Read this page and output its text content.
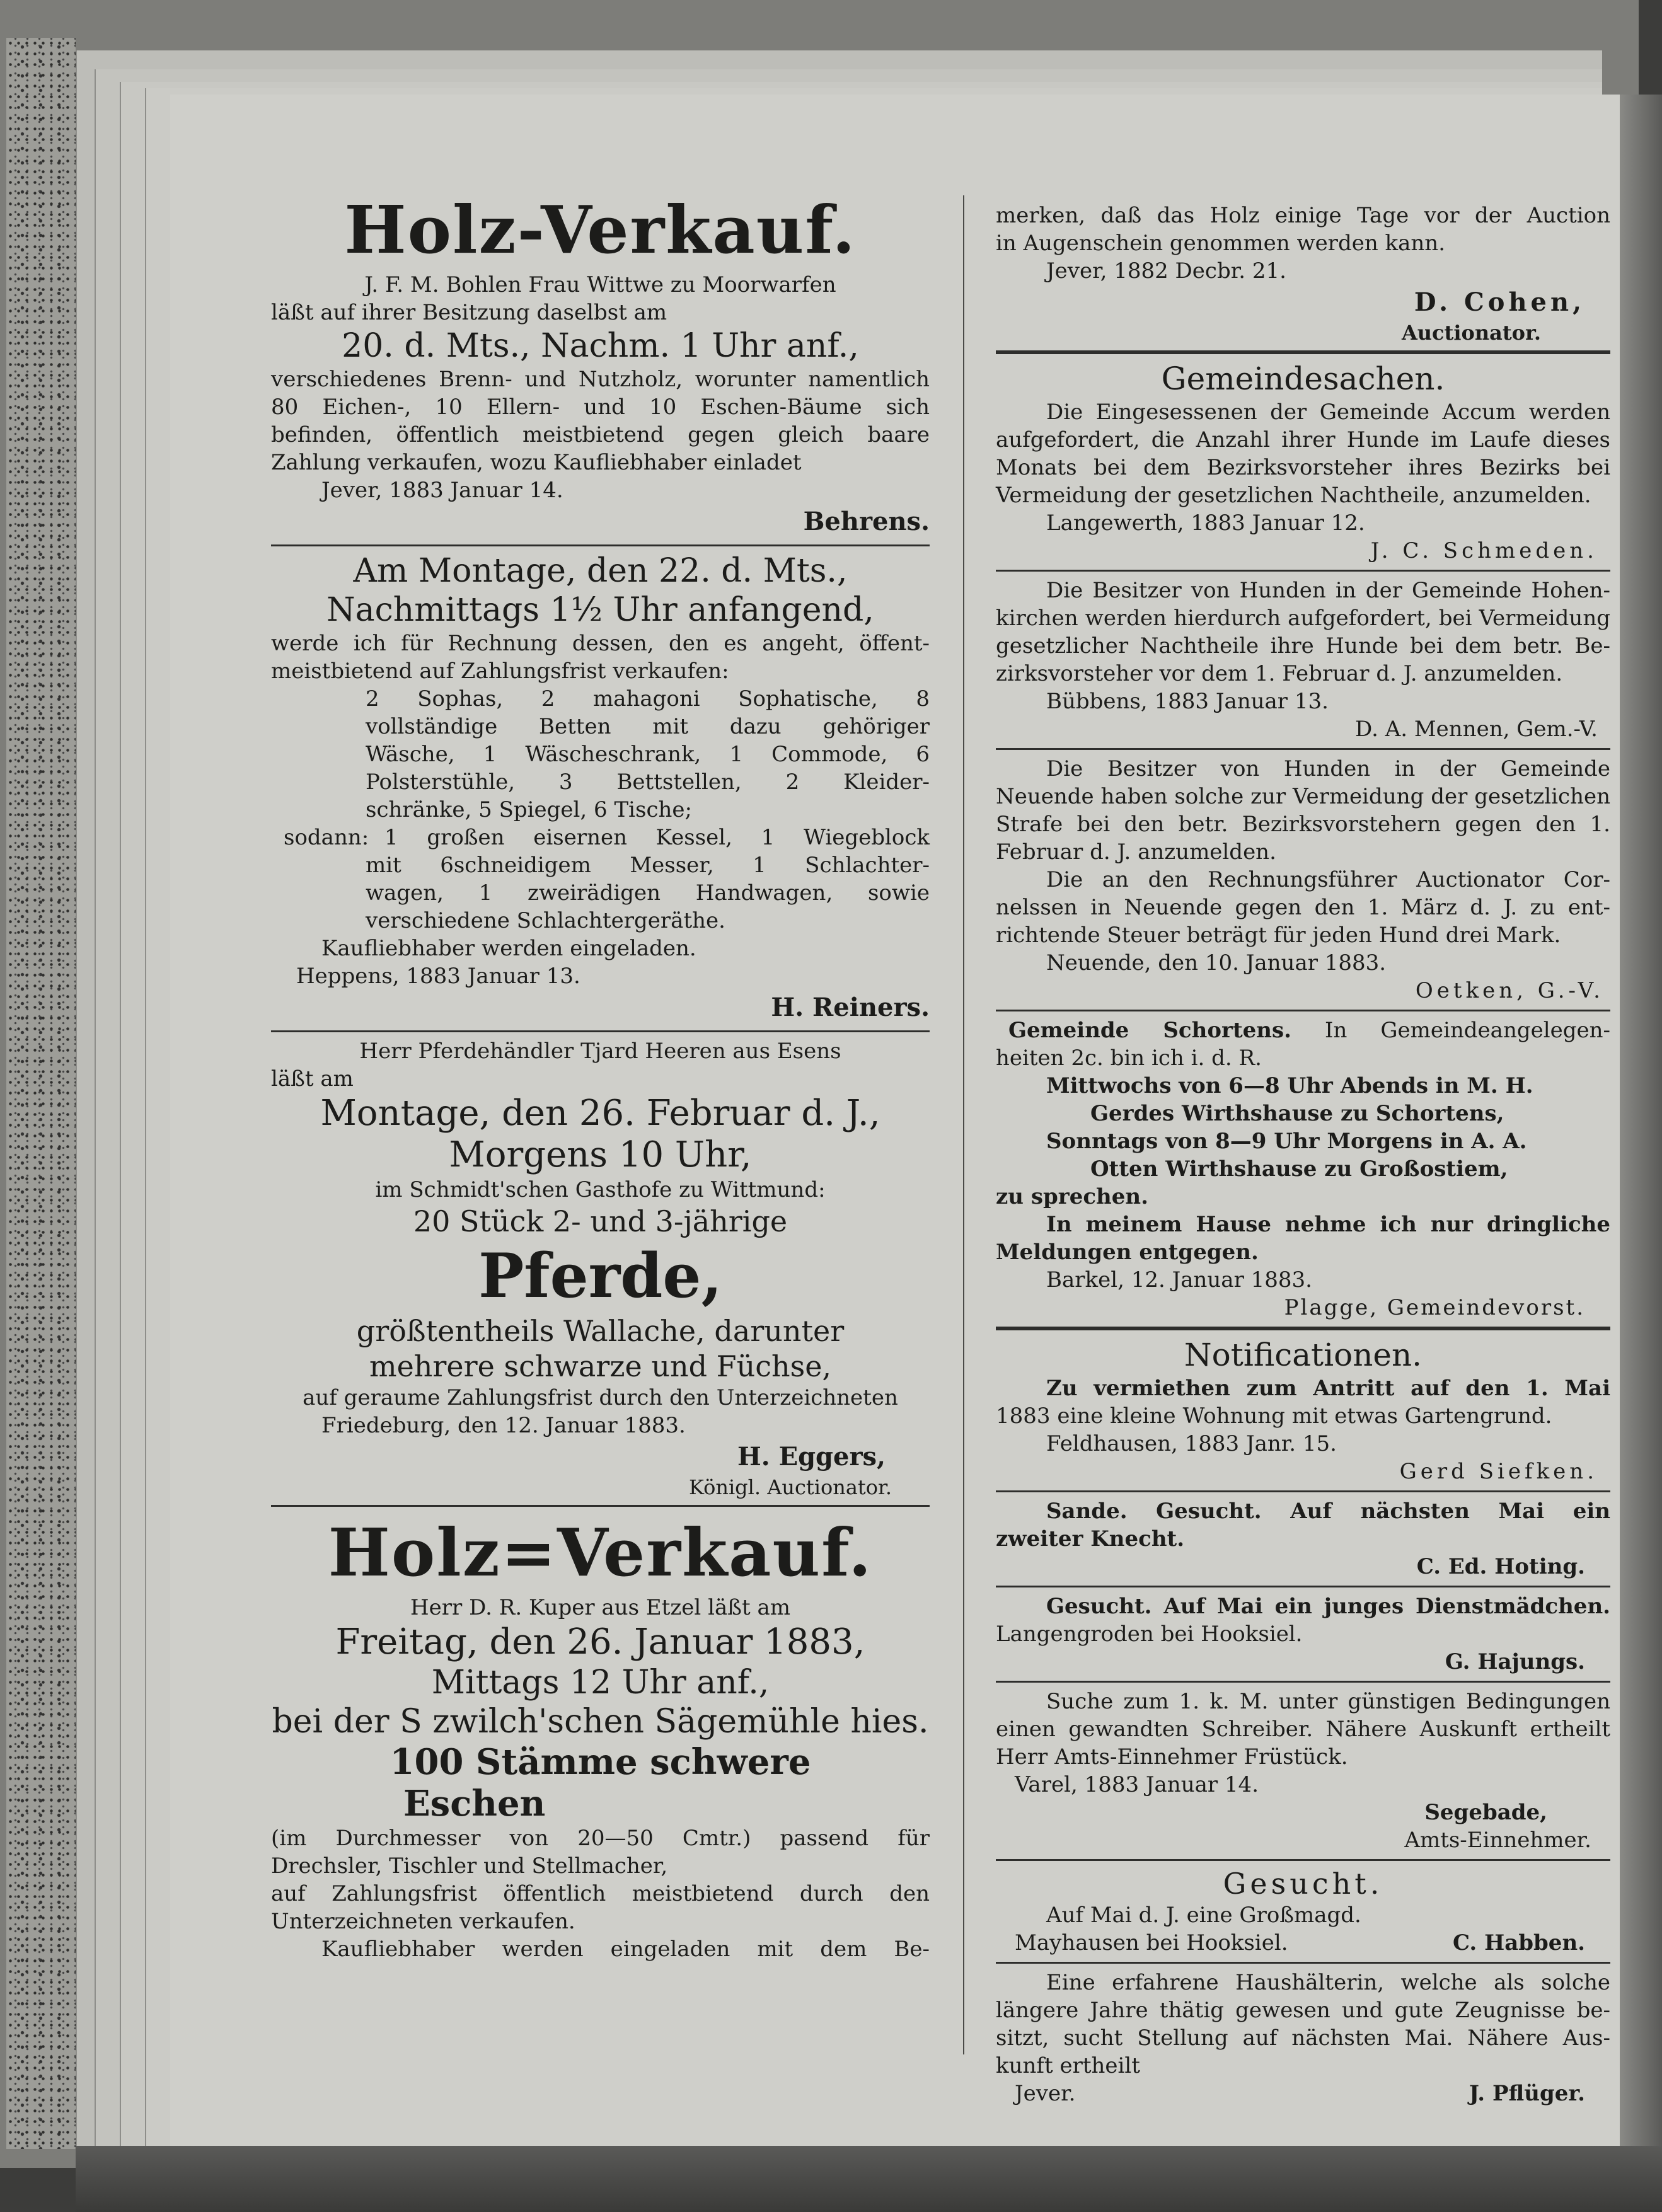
Holz-Verkauf.
J. F. M. Bohlen Frau Wittwe zu Moorwarfen
läßt auf ihrer Besitzung daselbst am
20. d. Mts., Nachm. 1 Uhr anf.,
verschiedenes Brenn- und Nutzholz, worunter namentlich
80 Eichen-, 10 Ellern- und 10 Eschen-Bäume sich
befinden, öffentlich meistbietend gegen gleich baare
Zahlung verkaufen, wozu Kaufliebhaber einladet
Jever, 1883 Januar 14.
Behrens.
Am Montage, den 22. d. Mts.,
Nachmittags 1½ Uhr anfangend,
werde ich für Rechnung dessen, den es angeht, öffent-
meistbietend auf Zahlungsfrist verkaufen:
2 Sophas, 2 mahagoni Sophatische, 8
vollständige Betten mit dazu gehöriger
Wäsche, 1 Wäscheschrank, 1 Commode, 6
Polsterstühle, 3 Bettstellen, 2 Kleider-
schränke, 5 Spiegel, 6 Tische;
sodann: 1 großen eisernen Kessel, 1 Wiegeblock
mit 6schneidigem Messer, 1 Schlachter-
wagen, 1 zweirädigen Handwagen, sowie
verschiedene Schlachtergeräthe.
Kaufliebhaber werden eingeladen.
Heppens, 1883 Januar 13.
H. Reiners.
Herr Pferdehändler Tjard Heeren aus Esens
läßt am
Montage, den 26. Februar d. J.,
Morgens 10 Uhr,
im Schmidt'schen Gasthofe zu Wittmund:
20 Stück 2- und 3-jährige
Pferde,
größtentheils Wallache, darunter
mehrere schwarze und Füchse,
auf geraume Zahlungsfrist durch den Unterzeichneten
Friedeburg, den 12. Januar 1883.
H. Eggers,
Königl. Auctionator.
Holz=Verkauf.
Herr D. R. Kuper aus Etzel läßt am
Freitag, den 26. Januar 1883,
Mittags 12 Uhr anf.,
bei der S zwilch'schen Sägemühle hies.
100 Stämme schwere
Eschen
(im Durchmesser von 20—50 Cmtr.) passend für
Drechsler, Tischler und Stellmacher,
auf Zahlungsfrist öffentlich meistbietend durch den
Unterzeichneten verkaufen.
Kaufliebhaber werden eingeladen mit dem Be-
merken, daß das Holz einige Tage vor der Auction
in Augenschein genommen werden kann.
Jever, 1882 Decbr. 21.
D. Cohen,
Auctionator.
Gemeindesachen.
Die Eingesessenen der Gemeinde Accum werden
aufgefordert, die Anzahl ihrer Hunde im Laufe dieses
Monats bei dem Bezirksvorsteher ihres Bezirks bei
Vermeidung der gesetzlichen Nachtheile, anzumelden.
Langewerth, 1883 Januar 12.
J. C. Schmeden.
Die Besitzer von Hunden in der Gemeinde Hohen-
kirchen werden hierdurch aufgefordert, bei Vermeidung
gesetzlicher Nachtheile ihre Hunde bei dem betr. Be-
zirksvorsteher vor dem 1. Februar d. J. anzumelden.
Bübbens, 1883 Januar 13.
D. A. Mennen, Gem.-V.
Die Besitzer von Hunden in der Gemeinde
Neuende haben solche zur Vermeidung der gesetzlichen
Strafe bei den betr. Bezirksvorstehern gegen den 1.
Februar d. J. anzumelden.
Die an den Rechnungsführer Auctionator Cor-
nelssen in Neuende gegen den 1. März d. J. zu ent-
richtende Steuer beträgt für jeden Hund drei Mark.
Neuende, den 10. Januar 1883.
Oetken, G.-V.
Gemeinde Schortens. In Gemeindeangelegen-
heiten 2c. bin ich i. d. R.
Mittwochs von 6—8 Uhr Abends in M. H.
Gerdes Wirthshause zu Schortens,
Sonntags von 8—9 Uhr Morgens in A. A.
Otten Wirthshause zu Großostiem,
zu sprechen.
In meinem Hause nehme ich nur dringliche
Meldungen entgegen.
Barkel, 12. Januar 1883.
Plagge, Gemeindevorst.
Notificationen.
Zu vermiethen zum Antritt auf den 1. Mai
1883 eine kleine Wohnung mit etwas Gartengrund.
Feldhausen, 1883 Janr. 15.
Gerd Siefken.
Sande. Gesucht. Auf nächsten Mai ein
zweiter Knecht.
C. Ed. Hoting.
Gesucht. Auf Mai ein junges Dienstmädchen.
Langengroden bei Hooksiel.
G. Hajungs.
Suche zum 1. k. M. unter günstigen Bedingungen
einen gewandten Schreiber. Nähere Auskunft ertheilt
Herr Amts-Einnehmer Früstück.
Varel, 1883 Januar 14.
Segebade,
Amts-Einnehmer.
Gesucht.
Auf Mai d. J. eine Großmagd.
Mayhausen bei Hooksiel.	C. Habben.
Eine erfahrene Haushälterin, welche als solche
längere Jahre thätig gewesen und gute Zeugnisse be-
sitzt, sucht Stellung auf nächsten Mai. Nähere Aus-
kunft ertheilt
Jever.	J. Pflüger.
